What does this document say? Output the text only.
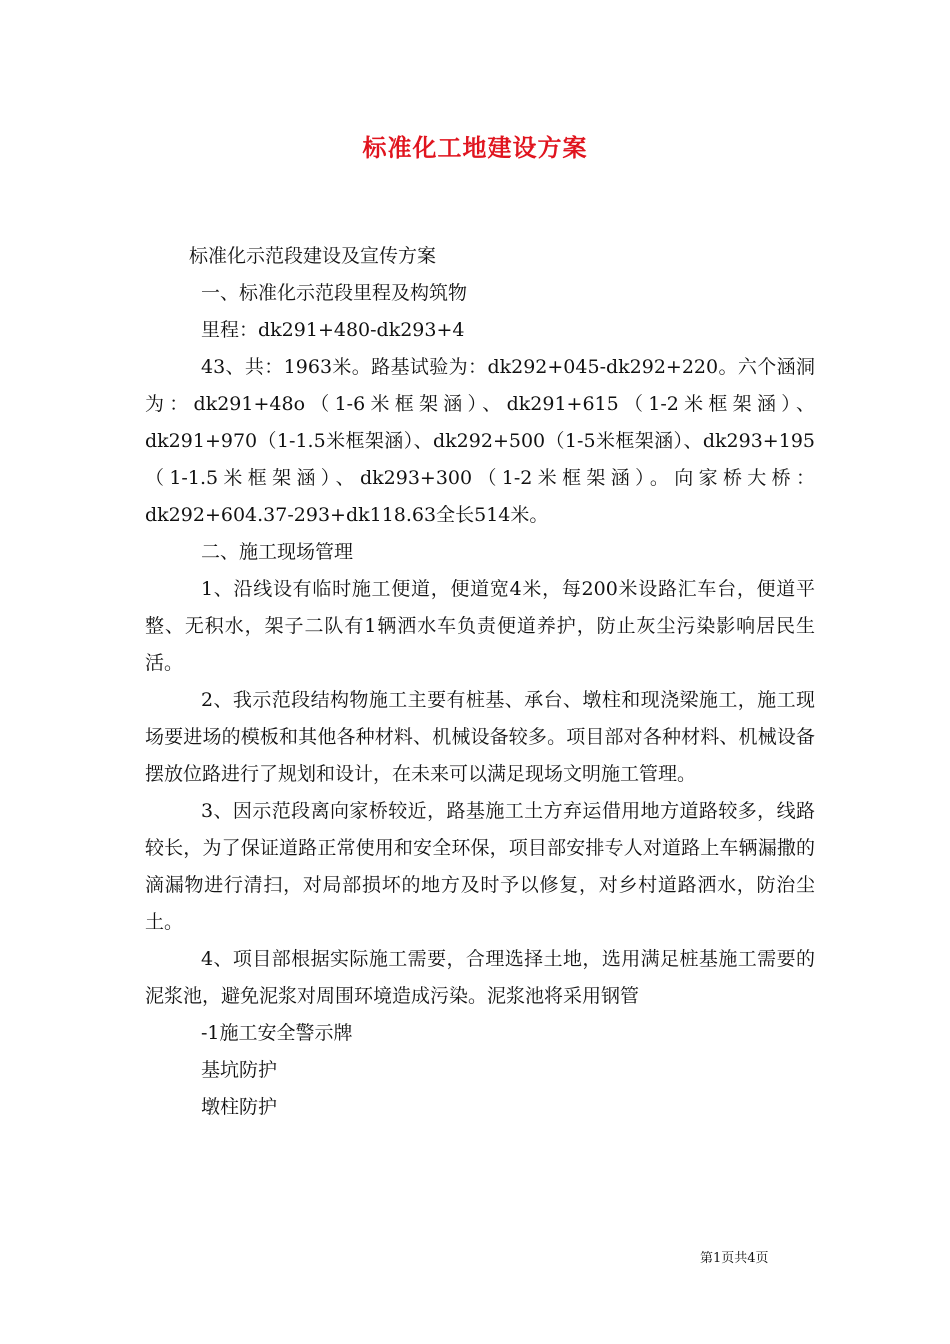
标准化工地建设方案

标准化示范段建设及宣传方案

一、标准化示范段里程及构筑物

里程：dk291+480-dk293+4

43、共：1963米。路基试验为：dk292+045-dk292+220。六个涵洞为：dk291+48o（1-6米框架涵）、dk291+615（1-2米框架涵）、dk291+970（1-1.5米框架涵）、dk292+500（1-5米框架涵）、dk293+195（1-1.5米框架涵）、dk293+300（1-2米框架涵）。向家桥大桥：dk292+604.37-293+dk118.63全长514米。

二、施工现场管理

1、沿线设有临时施工便道，便道宽4米，每200米设路汇车台，便道平整、无积水，架子二队有1辆洒水车负责便道养护，防止灰尘污染影响居民生活。

2、我示范段结构物施工主要有桩基、承台、墩柱和现浇梁施工，施工现场要进场的模板和其他各种材料、机械设备较多。项目部对各种材料、机械设备摆放位路进行了规划和设计，在未来可以满足现场文明施工管理。

3、因示范段离向家桥较近，路基施工土方弃运借用地方道路较多，线路较长，为了保证道路正常使用和安全环保，项目部安排专人对道路上车辆漏撒的滴漏物进行清扫，对局部损坏的地方及时予以修复，对乡村道路洒水，防治尘土。

4、项目部根据实际施工需要，合理选择土地，选用满足桩基施工需要的泥浆池，避免泥浆对周围环境造成污染。泥浆池将采用钢管

-1施工安全警示牌

基坑防护

墩柱防护

第1页共4页
